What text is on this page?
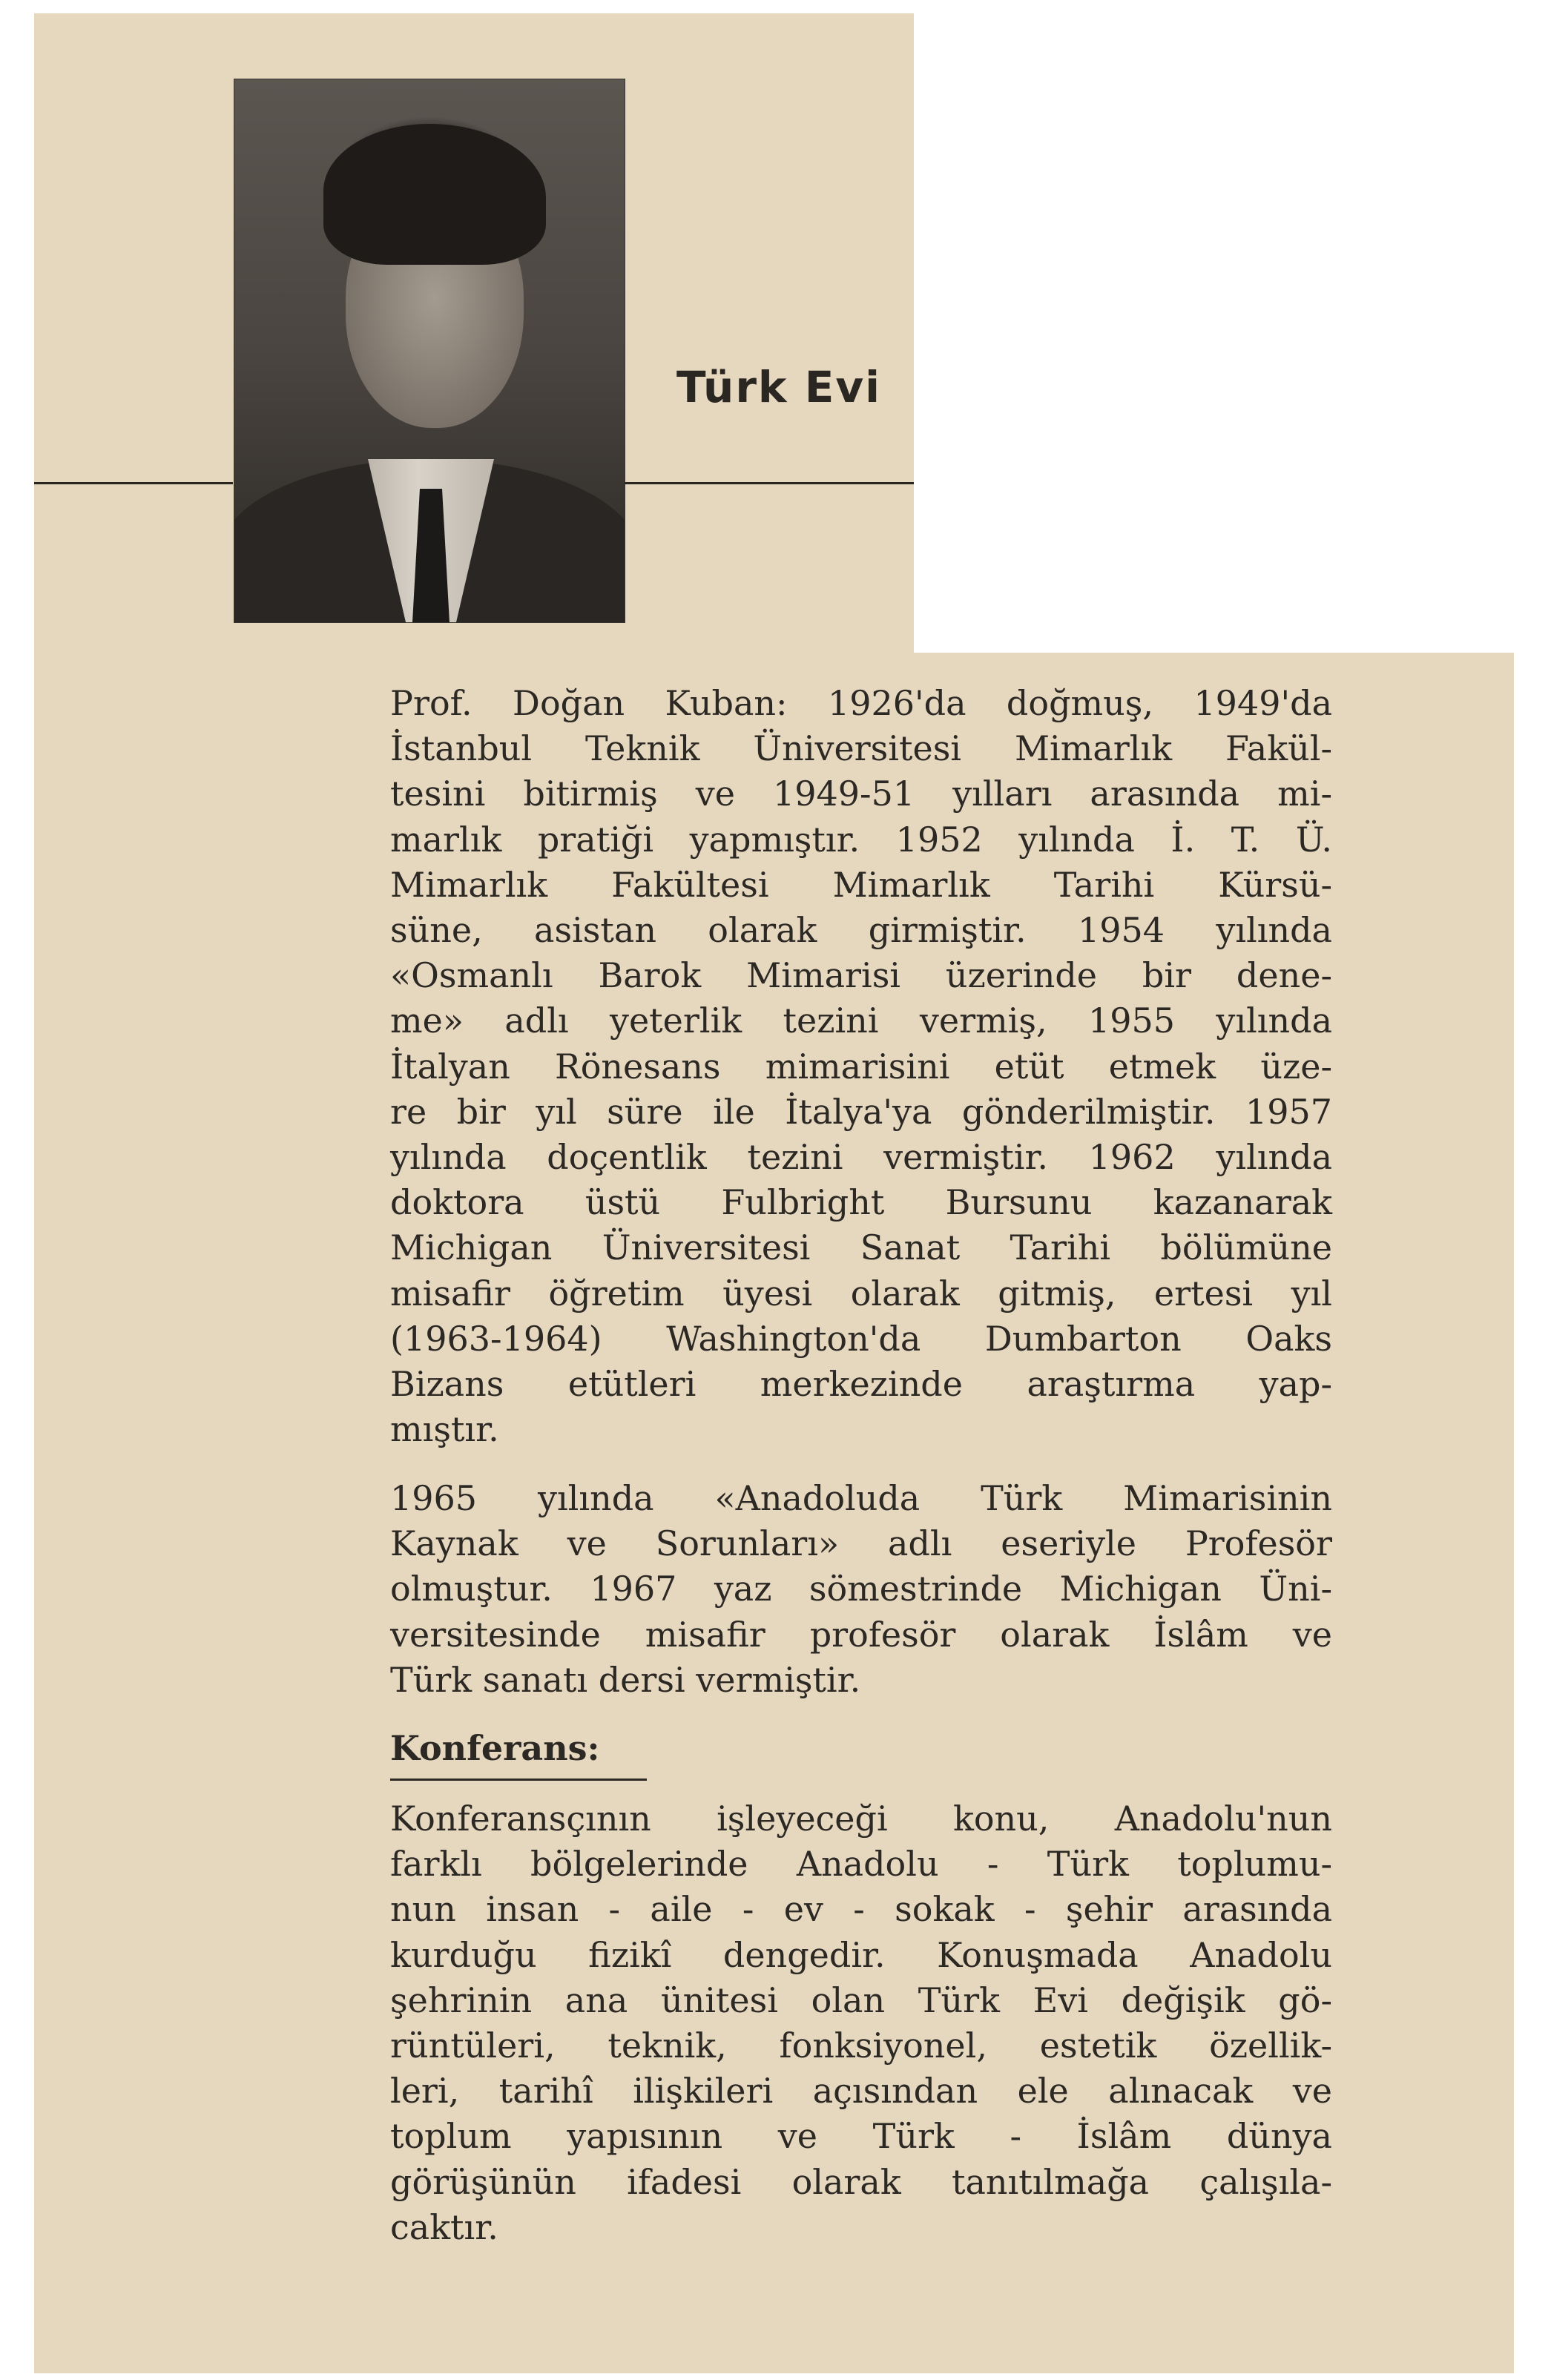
Türk Evi
Prof. Doğan Kuban: 1926'da doğmuş, 1949'da
İstanbul Teknik Üniversitesi Mimarlık Fakül-
tesini bitirmiş ve 1949-51 yılları arasında mi-
marlık pratiği yapmıştır. 1952 yılında İ. T. Ü.
Mimarlık Fakültesi Mimarlık Tarihi Kürsü-
süne, asistan olarak girmiştir. 1954 yılında
«Osmanlı Barok Mimarisi üzerinde bir dene-
me» adlı yeterlik tezini vermiş, 1955 yılında
İtalyan Rönesans mimarisini etüt etmek üze-
re bir yıl süre ile İtalya'ya gönderilmiştir. 1957
yılında doçentlik tezini vermiştir. 1962 yılında
doktora üstü Fulbright Bursunu kazanarak
Michigan Üniversitesi Sanat Tarihi bölümüne
misafir öğretim üyesi olarak gitmiş, ertesi yıl
(1963-1964) Washington'da Dumbarton Oaks
Bizans etütleri merkezinde araştırma yap-
mıştır.
1965 yılında «Anadoluda Türk Mimarisinin
Kaynak ve Sorunları» adlı eseriyle Profesör
olmuştur. 1967 yaz sömestrinde Michigan Üni-
versitesinde misafir profesör olarak İslâm ve
Türk sanatı dersi vermiştir.
Konferans:
Konferansçının işleyeceği konu, Anadolu'nun
farklı bölgelerinde Anadolu - Türk toplumu-
nun insan - aile - ev - sokak - şehir arasında
kurduğu fizikî dengedir. Konuşmada Anadolu
şehrinin ana ünitesi olan Türk Evi değişik gö-
rüntüleri, teknik, fonksiyonel, estetik özellik-
leri, tarihî ilişkileri açısından ele alınacak ve
toplum yapısının ve Türk - İslâm dünya
görüşünün ifadesi olarak tanıtılmağa çalışıla-
caktır.
